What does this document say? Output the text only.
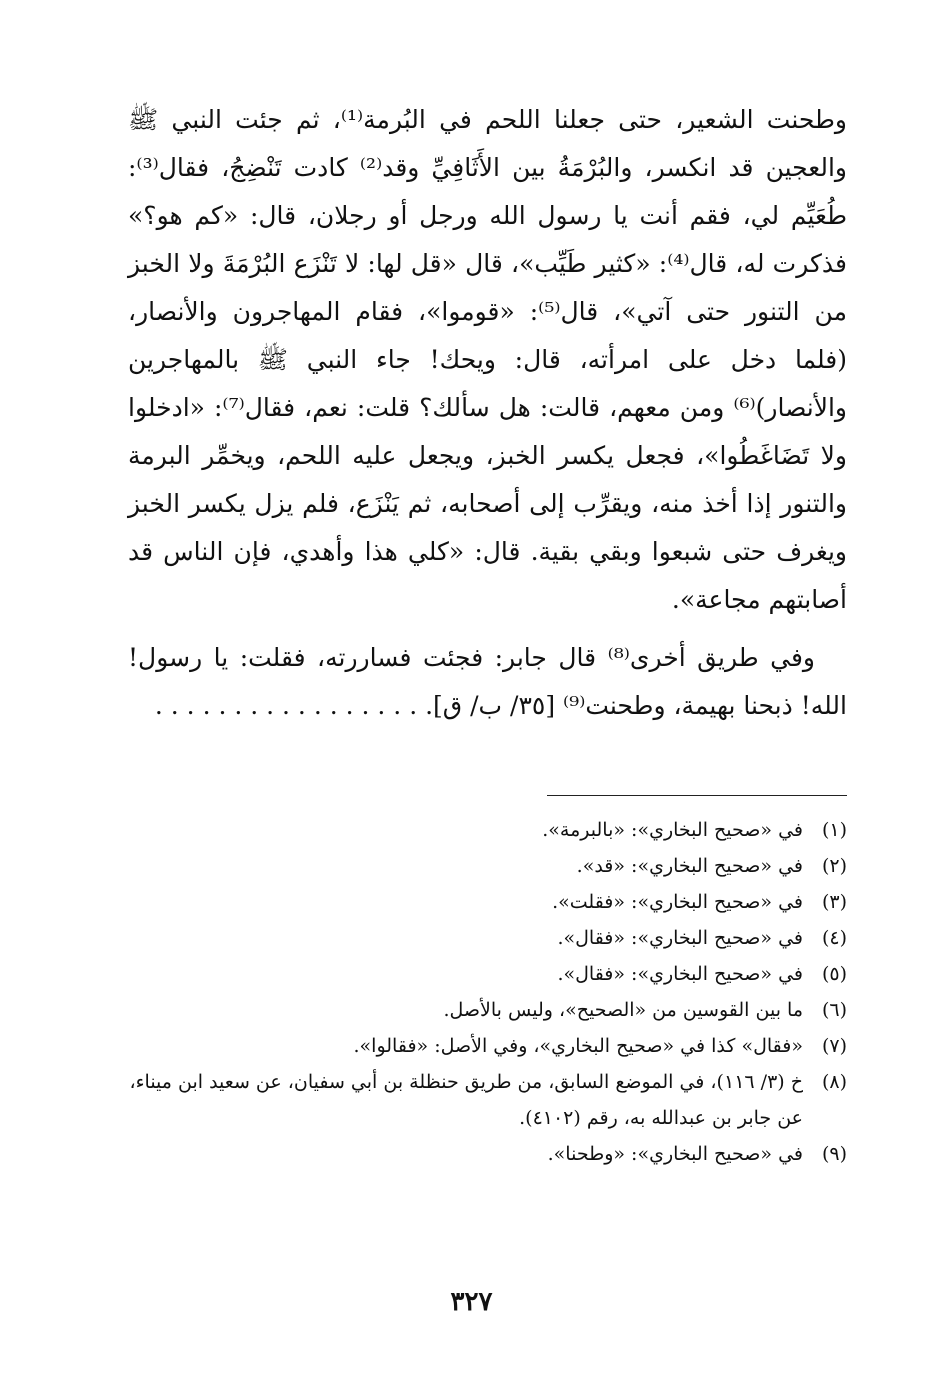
وطحنت الشعير، حتى جعلنا اللحم في البُرمة⁽¹⁾، ثم جئت النبي ﷺ والعجين قد انكسر، والبُرْمَةُ بين الأَثَافِيِّ وقد⁽²⁾ كادت تَنْضِجُ، فقال⁽³⁾: طُعَيِّم لي، فقم أنت يا رسول الله ورجل أو رجلان، قال: «كم هو؟» فذكرت له، قال⁽⁴⁾: «كثير طَيِّب»، قال «قل لها: لا تَنْزَع البُرْمَةَ ولا الخبز من التنور حتى آتي»، قال⁽⁵⁾: «قوموا»، فقام المهاجرون والأنصار، (فلما دخل على امرأته، قال: ويحك! جاء النبي ﷺ بالمهاجرين والأنصار)⁽⁶⁾ ومن معهم، قالت: هل سألك؟ قلت: نعم، فقال⁽⁷⁾: «ادخلوا ولا تَضَاغَطُوا»، فجعل يكسر الخبز، ويجعل عليه اللحم، ويخمِّر البرمة والتنور إذا أخذ منه، ويقرِّب إلى أصحابه، ثم يَنْزَع، فلم يزل يكسر الخبز ويغرف حتى شبعوا وبقي بقية. قال: «كلي هذا وأهدي، فإن الناس قد أصابتهم مجاعة».

وفي طريق أخرى⁽⁸⁾ قال جابر: فجئت فساررته، فقلت: يا رسول! الله! ذبحنا بهيمة، وطحنت⁽⁹⁾ [٣٥/ ب/ ق]. . . . . . . . . . . . . . . . . .

(١)
في «صحيح البخاري»: «بالبرمة».
(٢)
في «صحيح البخاري»: «قد».
(٣)
في «صحيح البخاري»: «فقلت».
(٤)
في «صحيح البخاري»: «فقال».
(٥)
في «صحيح البخاري»: «فقال».
(٦)
ما بين القوسين من «الصحيح»، وليس بالأصل.
(٧)
«فقال» كذا في «صحيح البخاري»، وفي الأصل: «فقالوا».
(٨)
خ (٣/ ١١٦)، في الموضع السابق، من طريق حنظلة بن أبي سفيان، عن سعيد ابن ميناء، عن جابر بن عبدالله به، رقم (٤١٠٢).
(٩)
في «صحيح البخاري»: «وطحنا».
٣٢٧
